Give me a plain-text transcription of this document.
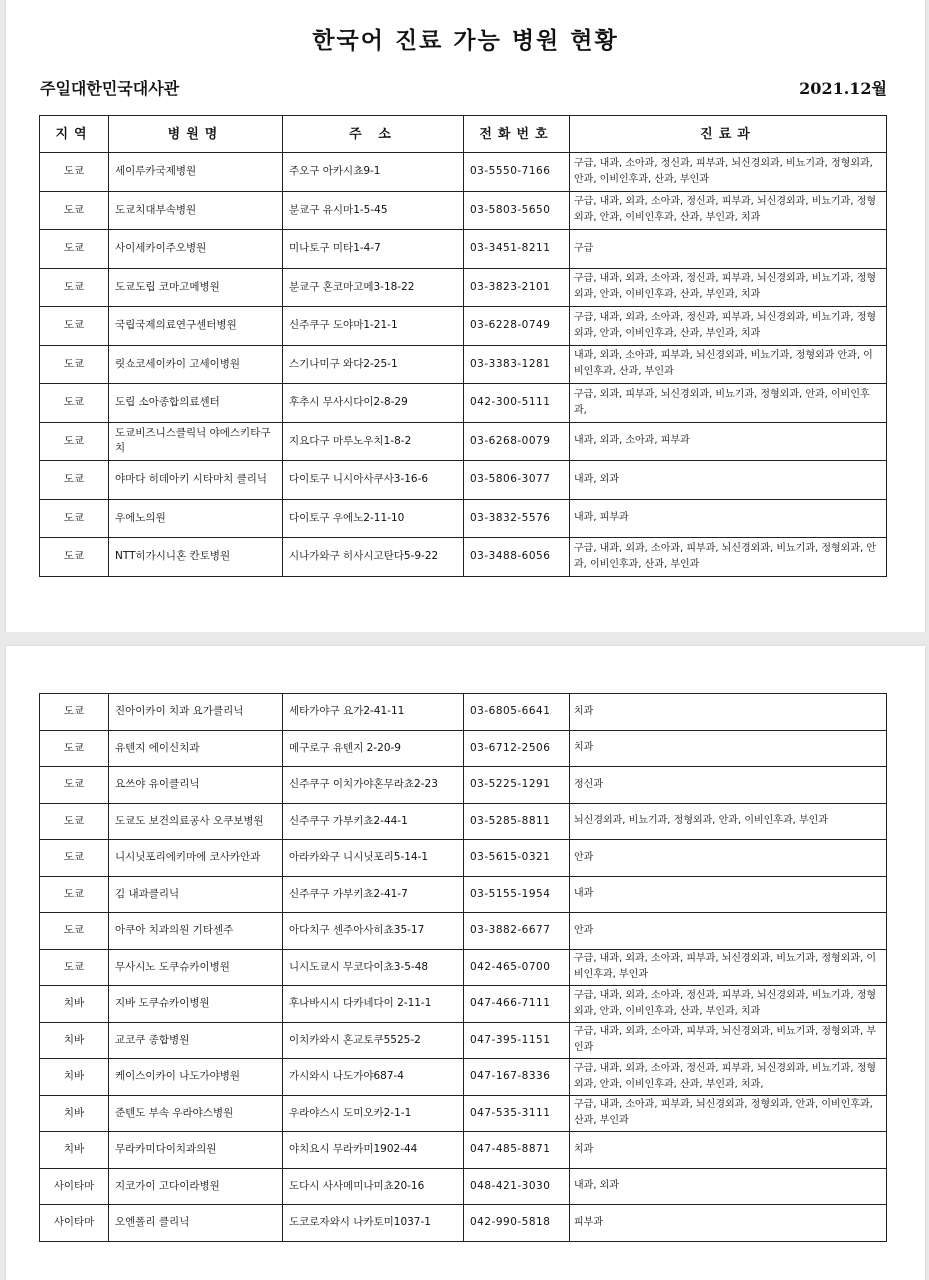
한국어 진료 가능 병원 현황
주일대한민국대사관	2021.12월
지역	병원명	주 소	전화번호	진료과
도쿄	세이루카국제병원	주오구 아카시쵸9-1	03-5550-7166	구급, 내과, 소아과, 정신과, 피부과, 뇌신경외과, 비뇨기과, 정형외과, 안과, 이비인후과, 산과, 부인과
도쿄	도쿄치대부속병원	분쿄구 유시마1-5-45	03-5803-5650	구급, 내과, 외과, 소아과, 정신과, 피부과, 뇌신경외과, 비뇨기과, 정형외과, 안과, 이비인후과, 산과, 부인과, 치과
도쿄	사이세카이주오병원	미나토구 미타1-4-7	03-3451-8211	구급
도쿄	도쿄도립 코마고메병원	분쿄구 혼코마고메3-18-22	03-3823-2101	구급, 내과, 외과, 소아과, 정신과, 피부과, 뇌신경외과, 비뇨기과, 정형외과, 안과, 이비인후과, 산과, 부인과, 치과
도쿄	국립국제의료연구센터병원	신주쿠구 도야마1-21-1	03-6228-0749	구급, 내과, 외과, 소아과, 정신과, 피부과, 뇌신경외과, 비뇨기과, 정형외과, 안과, 이비인후과, 산과, 부인과, 치과
도쿄	릿쇼코세이카이 고세이병원	스기나미구 와다2-25-1	03-3383-1281	내과, 외과, 소아과, 피부과, 뇌신경외과, 비뇨기과, 정형외과 안과, 이비인후과, 산과, 부인과
도쿄	도립 소아종합의료센터	후추시 무사시다이2-8-29	042-300-5111	구급, 외과, 피부과, 뇌신경외과, 비뇨기과, 정형외과, 안과, 이비인후과,
도쿄	도쿄비즈니스클릭닉 야에스키타구치	지요다구 마루노우치1-8-2	03-6268-0079	내과, 외과, 소아과, 피부과
도쿄	야마다 히데아키 시타마치 클리닉	다이토구 니시아사쿠사3-16-6	03-5806-3077	내과, 외과
도쿄	우에노의원	다이토구 우에노2-11-10	03-3832-5576	내과, 피부과
도쿄	NTT히가시니혼 칸토병원	시나가와구 히사시고탄다5-9-22	03-3488-6056	구급, 내과, 외과, 소아과, 피부과, 뇌신경외과, 비뇨기과, 정형외과, 안과, 이비인후과, 산과, 부인과
도쿄	진아이카이 치과 요가클리닉	세타가야구 요가2-41-11	03-6805-6641	치과
도쿄	유텐지 에이신치과	메구로구 유텐지 2-20-9	03-6712-2506	치과
도쿄	요쓰야 유이클리닉	신주쿠구 이치가야혼무라쵸2-23	03-5225-1291	정신과
도쿄	도쿄도 보건의료공사 오쿠보병원	신주쿠구 가부키쵸2-44-1	03-5285-8811	뇌신경외과, 비뇨기과, 정형외과, 안과, 이비인후과, 부인과
도쿄	니시닛포리에키마에 코사카안과	아라카와구 니시닛포리5-14-1	03-5615-0321	안과
도쿄	김 내과클리닉	신주쿠구 가부키쵸2-41-7	03-5155-1954	내과
도쿄	아쿠아 치과의원 기타센주	아다치구 센주아사히쵸35-17	03-3882-6677	안과
도쿄	무사시노 도쿠슈카이병원	니시도쿄시 무코다이쵸3-5-48	042-465-0700	구급, 내과, 외과, 소아과, 피부과, 뇌신경외과, 비뇨기과, 정형외과, 이비인후과, 부인과
치바	지바 도쿠슈카이병원	후나바시시 다카네다이 2-11-1	047-466-7111	구급, 내과, 외과, 소아과, 정신과, 피부과, 뇌신경외과, 비뇨기과, 정형외과, 안과, 이비인후과, 산과, 부인과, 치과
치바	교코쿠 종합병원	이치카와시 혼교토쿠5525-2	047-395-1151	구급, 내과, 외과, 소아과, 피부과, 뇌신경외과, 비뇨기과, 정형외과, 부인과
치바	케이스이카이 나도가야병원	가시와시 나도가야687-4	047-167-8336	구급, 내과, 외과, 소아과, 정신과, 피부과, 뇌신경외과, 비뇨기과, 정형외과, 안과, 이비인후과, 산과, 부인과, 치과,
치바	준텐도 부속 우라야스병원	우라야스시 도미오카2-1-1	047-535-3111	구급, 내과, 소아과, 피부과, 뇌신경외과, 정형외과, 안과, 이비인후과, 산과, 부인과
치바	무라카미다이치과의원	야치요시 무라카미1902-44	047-485-8871	치과
사이타마	지코가이 고다이라병원	도다시 사사메미나미쵸20-16	048-421-3030	내과, 외과
사이타마	오엔폴리 클리닉	도코로자와시 나카토미1037-1	042-990-5818	피부과
